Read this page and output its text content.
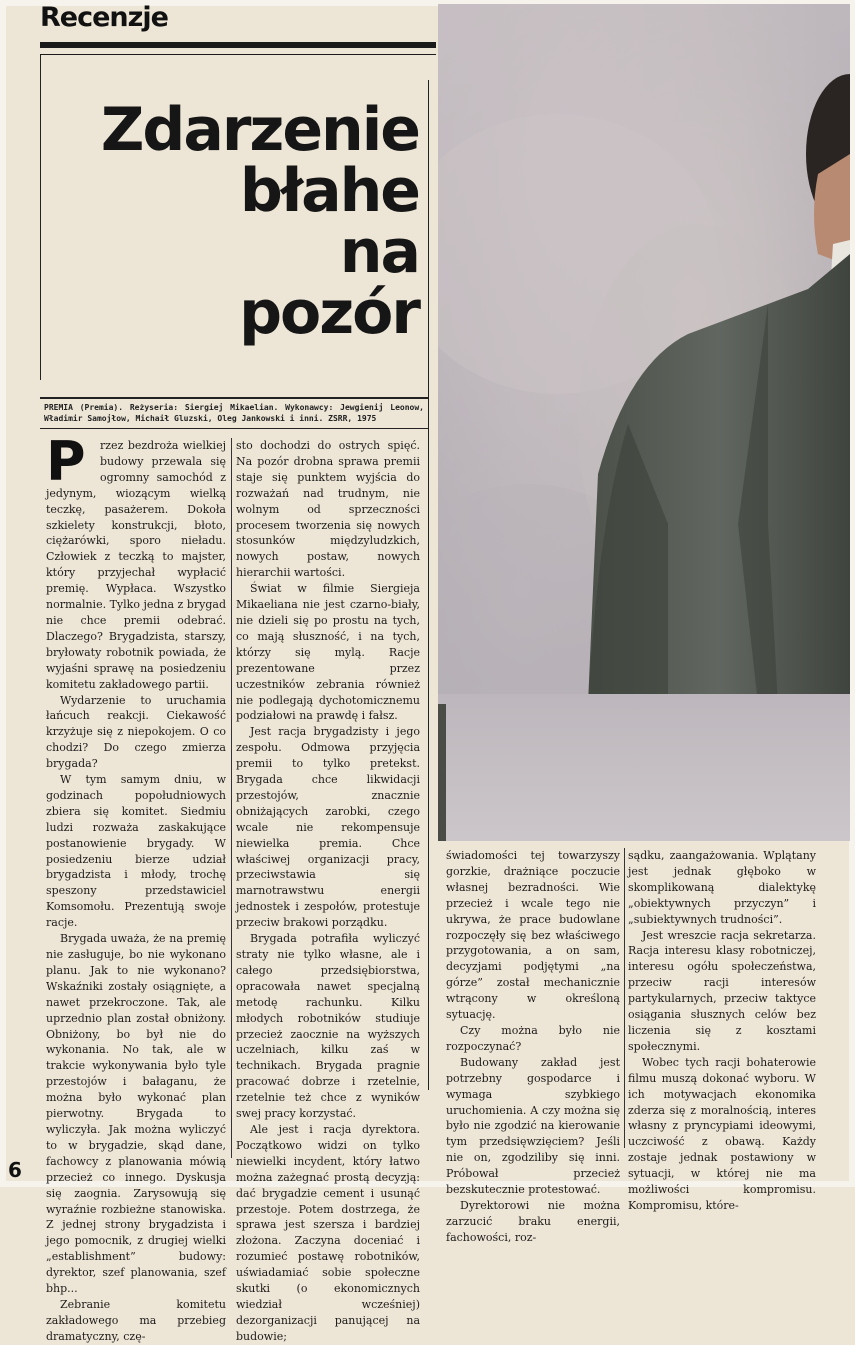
Recenzje
Zdarzenie
błahe
na
pozór

PREMIA (Premia). Reżyseria: Siergiej Mikaelian. Wykonawcy: Jewgienij Leonow, Władimir Samojłow, Michaił Gluzski, Oleg Jankowski i inni. ZSRR, 1975

P	rzez bezdroża wielkiej budowy przewala się ogromny samochód z jedynym, wiozącym wielką teczkę, pasażerem. Dokoła szkielety konstrukcji, błoto, ciężarówki, sporo nieładu. Człowiek z teczką to majster, który przyjechał wypłacić premię. Wypłaca. Wszystko normalnie. Tylko jedna z brygad nie chce premii odebrać. Dlaczego? Brygadzista, starszy, bryłowaty robotnik powiada, że wyjaśni sprawę na posiedzeniu komitetu zakładowego partii.

Wydarzenie to uruchamia łańcuch reakcji. Ciekawość krzyżuje się z niepokojem. O co chodzi? Do czego zmierza brygada?

W tym samym dniu, w godzinach popołudniowych zbiera się komitet. Siedmiu ludzi rozważa zaskakujące postanowienie brygady. W posiedzeniu bierze udział brygadzista i młody, trochę speszony przedstawiciel Komsomołu. Prezentują swoje racje.

Brygada uważa, że na premię nie zasługuje, bo nie wykonano planu. Jak to nie wykonano? Wskaźniki zostały osiągnięte, a nawet przekroczone. Tak, ale uprzednio plan został obniżony. Obniżony, bo był nie do wykonania. No tak, ale w trakcie wykonywania było tyle przestojów i bałaganu, że można było wykonać plan pierwotny. Brygada to wyliczyła. Jak można wyliczyć to w brygadzie, skąd dane, fachowcy z planowania mówią przecież co innego. Dyskusja się zaognia. Zarysowują się wyraźnie rozbieżne stanowiska. Z jednej strony brygadzista i jego pomocnik, z drugiej wielki „establishment” budowy: dyrektor, szef planowania, szef bhp...

Zebranie komitetu zakładowego ma przebieg dramatyczny, czę-

sto dochodzi do ostrych spięć. Na pozór drobna sprawa premii staje się punktem wyjścia do rozważań nad trudnym, nie wolnym od sprzeczności procesem tworzenia się nowych stosunków międzyludzkich, nowych postaw, nowych hierarchii wartości.

Świat w filmie Siergieja Mikaeliana nie jest czarno-biały, nie dzieli się po prostu na tych, co mają słuszność, i na tych, którzy się mylą. Racje prezentowane przez uczestników zebrania również nie podlegają dychotomicznemu podziałowi na prawdę i fałsz.

Jest racja brygadzisty i jego zespołu. Odmowa przyjęcia premii to tylko pretekst. Brygada chce likwidacji przestojów, znacznie obniżających zarobki, czego wcale nie rekompensuje niewielka premia. Chce właściwej organizacji pracy, przeciwstawia się marnotrawstwu energii jednostek i zespołów, protestuje przeciw brakowi porządku.

Brygada potrafiła wyliczyć straty nie tylko własne, ale i całego przedsiębiorstwa, opracowała nawet specjalną metodę rachunku. Kilku młodych robotników studiuje przecież zaocznie na wyższych uczelniach, kilku zaś w technikach. Brygada pragnie pracować dobrze i rzetelnie, rzetelnie też chce z wyników swej pracy korzystać.

Ale jest i racja dyrektora. Początkowo widzi on tylko niewielki incydent, który łatwo można zażegnać prostą decyzją: dać brygadzie cement i usunąć przestoje. Potem dostrzega, że sprawa jest szersza i bardziej złożona. Zaczyna doceniać i rozumieć postawę robotników, uświadamiać sobie społeczne skutki (o ekonomicznych wiedział wcześniej) dezorganizacji panującej na budowie;

świadomości tej towarzyszy gorzkie, drażniące poczucie własnej bezradności. Wie przecież i wcale tego nie ukrywa, że prace budowlane rozpoczęły się bez właściwego przygotowania, a on sam, decyzjami podjętymi „na górze” został mechanicznie wtrącony w określoną sytuację.

Czy można było nie rozpoczynać?

Budowany zakład jest potrzebny gospodarce i wymaga szybkiego uruchomienia. A czy można się było nie zgodzić na kierowanie tym przedsięwzięciem? Jeśli nie on, zgodziliby się inni. Próbował przecież bezskutecznie protestować.

Dyrektorowi nie można zarzucić braku energii, fachowości, roz-

sądku, zaangażowania. Wplątany jest jednak głęboko w skomplikowaną dialektykę „obiektywnych przyczyn” i „subiektywnych trudności”.

Jest wreszcie racja sekretarza. Racja interesu klasy robotniczej, interesu ogółu społeczeństwa, przeciw racji interesów partykularnych, przeciw taktyce osiągania słusznych celów bez liczenia się z kosztami społecznymi.

Wobec tych racji bohaterowie filmu muszą dokonać wyboru. W ich motywacjach ekonomika zderza się z moralnością, interes własny z pryncypiami ideowymi, uczciwość z obawą. Każdy zostaje jednak postawiony w sytuacji, w której nie ma możliwości kompromisu. Kompromisu, które-

6
